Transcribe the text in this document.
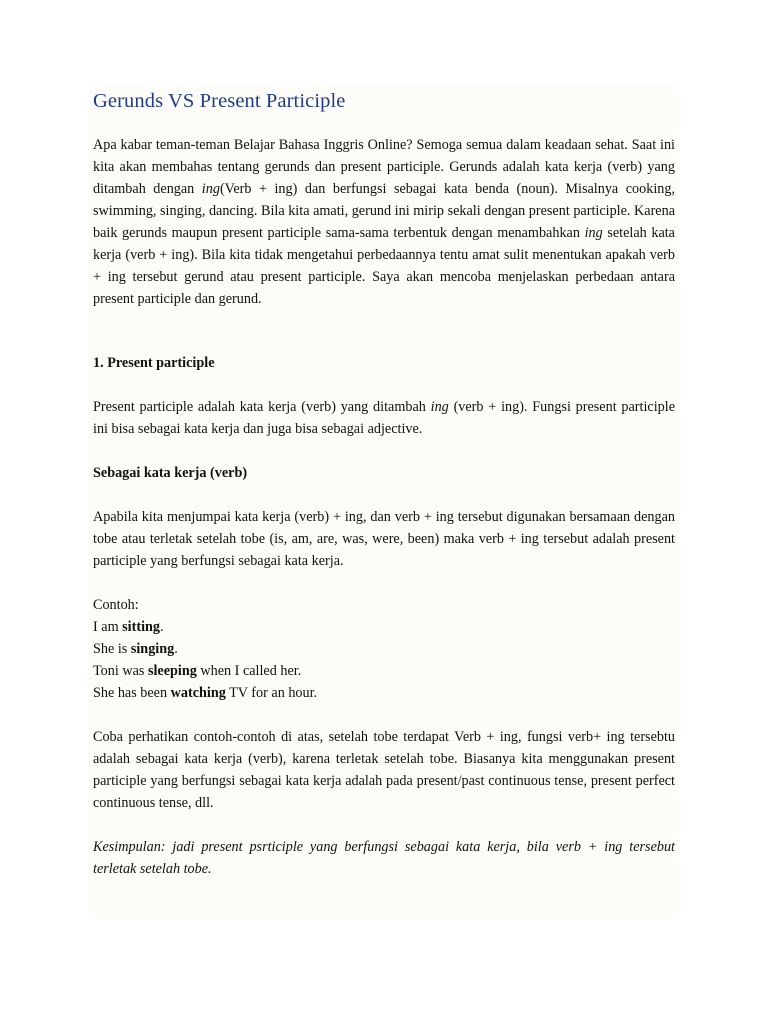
Gerunds VS Present Participle

Apa kabar teman-teman Belajar Bahasa Inggris Online? Semoga semua dalam keadaan sehat. Saat ini kita akan membahas tentang gerunds dan present participle. Gerunds adalah kata kerja (verb) yang ditambah dengan ing(Verb + ing) dan berfungsi sebagai kata benda (noun). Misalnya cooking, swimming, singing, dancing. Bila kita amati, gerund ini mirip sekali dengan present participle. Karena baik gerunds maupun present participle sama-sama terbentuk dengan menambahkan ing setelah kata kerja (verb + ing). Bila kita tidak mengetahui perbedaannya tentu amat sulit menentukan apakah verb + ing tersebut gerund atau present participle. Saya akan mencoba menjelaskan perbedaan antara present participle dan gerund.

1. Present participle

Present participle adalah kata kerja (verb) yang ditambah ing (verb + ing). Fungsi present participle ini bisa sebagai kata kerja dan juga bisa sebagai adjective.

Sebagai kata kerja (verb)

Apabila kita menjumpai kata kerja (verb) + ing, dan verb + ing tersebut digunakan bersamaan dengan tobe atau terletak setelah tobe (is, am, are, was, were, been) maka verb + ing tersebut adalah present participle yang berfungsi sebagai kata kerja.

Contoh:
I am sitting.
She is singing.
Toni was sleeping when I called her.
She has been watching TV for an hour.

Coba perhatikan contoh-contoh di atas, setelah tobe terdapat Verb + ing, fungsi verb+ ing tersebtu adalah sebagai kata kerja (verb), karena terletak setelah tobe. Biasanya kita menggunakan present participle yang berfungsi sebagai kata kerja adalah pada present/past continuous tense, present perfect continuous tense, dll.

Kesimpulan: jadi present psrticiple yang berfungsi sebagai kata kerja, bila verb + ing tersebut terletak setelah tobe.
